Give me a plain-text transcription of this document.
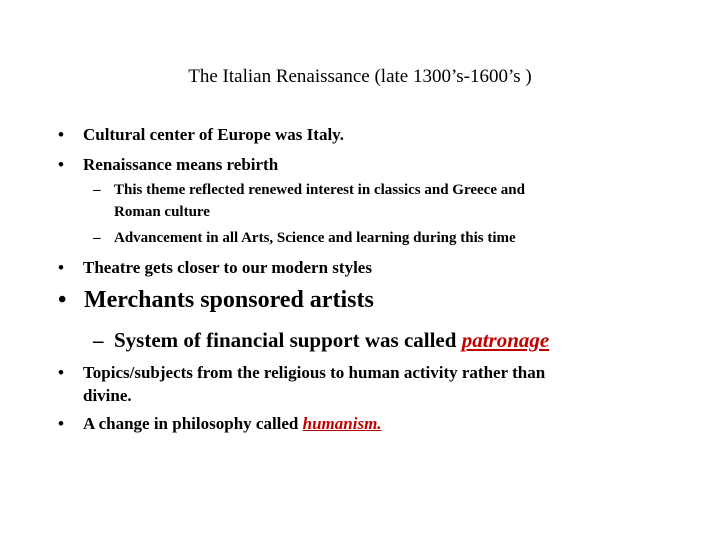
The Italian Renaissance (late 1300’s-1600’s )
• Cultural center of Europe was Italy.
• Renaissance means rebirth
– This theme reflected renewed interest in classics and Greece and
Roman culture
– Advancement in all Arts, Science and learning during this time
• Theatre gets closer to our modern styles
• Merchants sponsored artists
– System of financial support was called patronage
• Topics/subjects from the religious to human activity rather than
divine.
• A change in philosophy called humanism.
